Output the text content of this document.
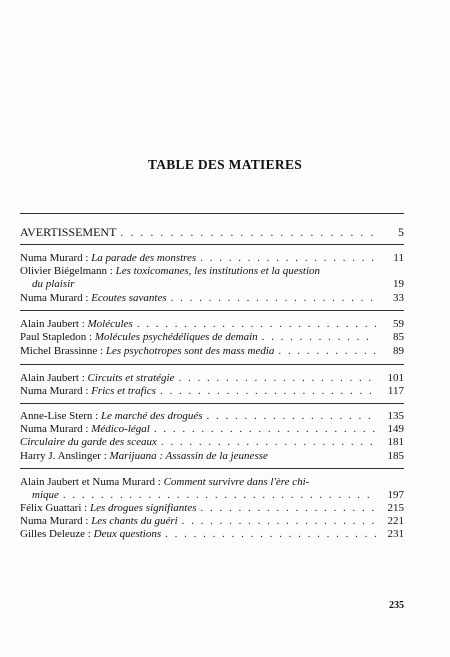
TABLE DES MATIERES
AVERTISSEMENT . . .	5
Numa Murard : La parade des monstres . . .	11
Olivier Biégelmann : Les toxicomanes, les institutions et la question
du plaisir	19
Numa Murard : Ecoutes savantes . . .	33
Alain Jaubert : Molécules . . .	59
Paul Stapledon : Molécules psychédéliques de demain . . .	85
Michel Brassinne : Les psychotropes sont des mass media . . .	89
Alain Jaubert : Circuits et stratégie . . .	101
Numa Murard : Frics et trafics . . .	117
Anne-Lise Stern : Le marché des drogués . . .	135
Numa Murard : Médico-légal . . .	149
Circulaire du garde des sceaux . . .	181
Harry J. Anslinger : Marijuana : Assassin de la jeunesse	185
Alain Jaubert et Numa Murard : Comment survivre dans l'ère chi-
mique . . .	197
Félix Guattari : Les drogues signifiantes . . .	215
Numa Murard : Les chants du guéri . . .	221
Gilles Deleuze : Deux questions . . .	231
235
